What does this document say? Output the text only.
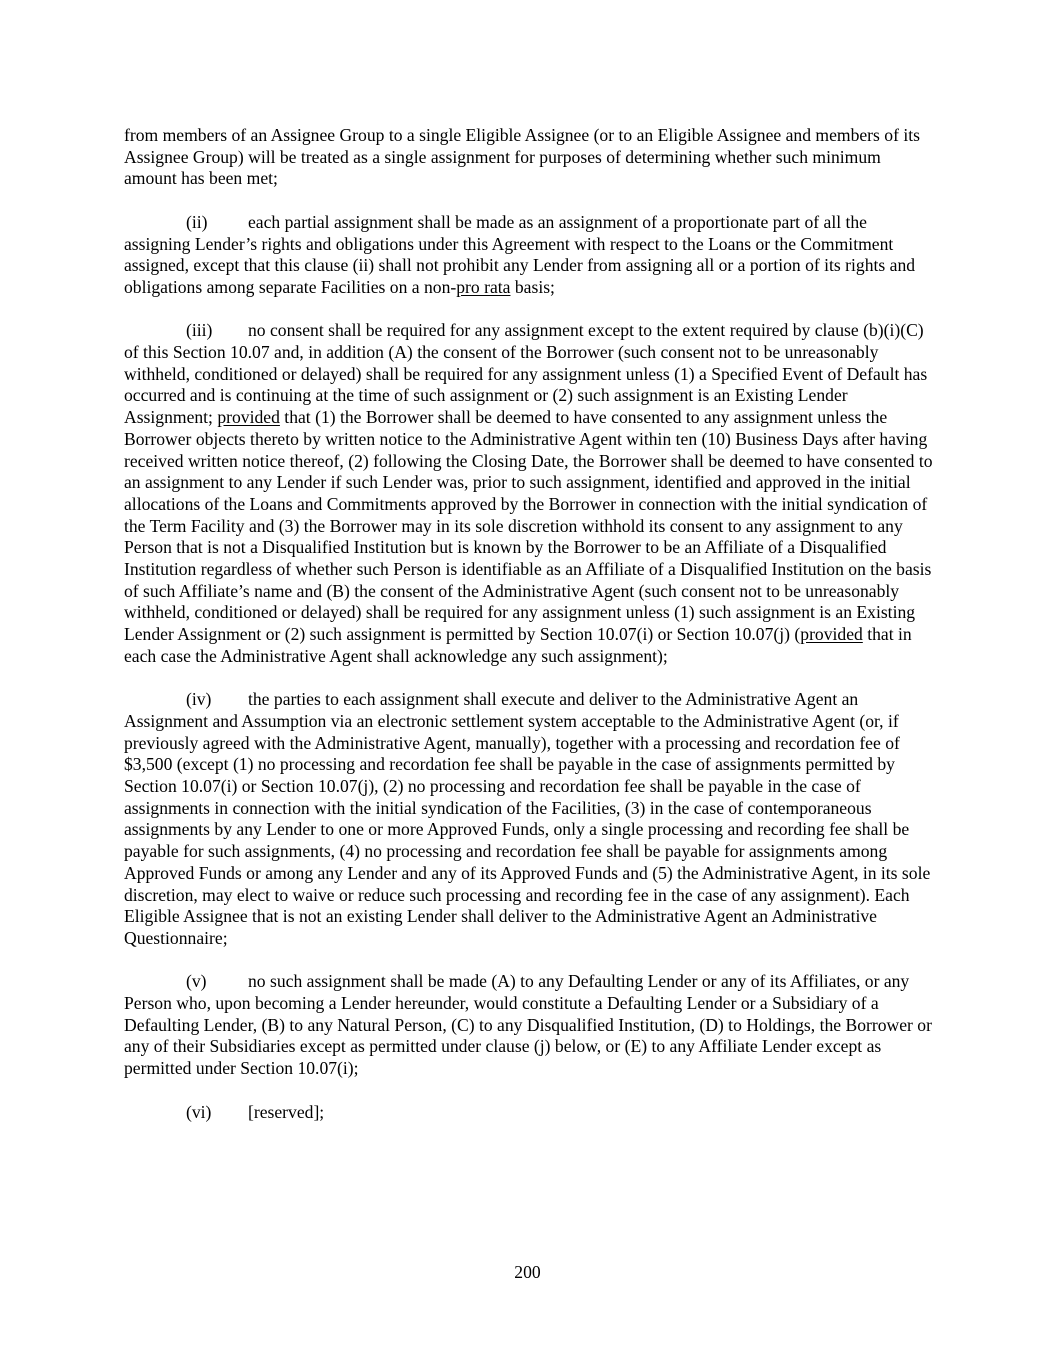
from members of an Assignee Group to a single Eligible Assignee (or to an Eligible Assignee and members of its Assignee Group) will be treated as a single assignment for purposes of determining whether such minimum amount has been met;

(ii) each partial assignment shall be made as an assignment of a proportionate part of all the assigning Lender’s rights and obligations under this Agreement with respect to the Loans or the Commitment assigned, except that this clause (ii) shall not prohibit any Lender from assigning all or a portion of its rights and obligations among separate Facilities on a non-pro rata basis;

(iii) no consent shall be required for any assignment except to the extent required by clause (b)(i)(C) of this Section 10.07 and, in addition (A) the consent of the Borrower (such consent not to be unreasonably withheld, conditioned or delayed) shall be required for any assignment unless (1) a Specified Event of Default has occurred and is continuing at the time of such assignment or (2) such assignment is an Existing Lender Assignment; provided that (1) the Borrower shall be deemed to have consented to any assignment unless the Borrower objects thereto by written notice to the Administrative Agent within ten (10) Business Days after having received written notice thereof, (2) following the Closing Date, the Borrower shall be deemed to have consented to an assignment to any Lender if such Lender was, prior to such assignment, identified and approved in the initial allocations of the Loans and Commitments approved by the Borrower in connection with the initial syndication of the Term Facility and (3) the Borrower may in its sole discretion withhold its consent to any assignment to any Person that is not a Disqualified Institution but is known by the Borrower to be an Affiliate of a Disqualified Institution regardless of whether such Person is identifiable as an Affiliate of a Disqualified Institution on the basis of such Affiliate’s name and (B) the consent of the Administrative Agent (such consent not to be unreasonably withheld, conditioned or delayed) shall be required for any assignment unless (1) such assignment is an Existing Lender Assignment or (2) such assignment is permitted by Section 10.07(i) or Section 10.07(j) (provided that in each case the Administrative Agent shall acknowledge any such assignment);

(iv) the parties to each assignment shall execute and deliver to the Administrative Agent an Assignment and Assumption via an electronic settlement system acceptable to the Administrative Agent (or, if previously agreed with the Administrative Agent, manually), together with a processing and recordation fee of $3,500 (except (1) no processing and recordation fee shall be payable in the case of assignments permitted by Section 10.07(i) or Section 10.07(j), (2) no processing and recordation fee shall be payable in the case of assignments in connection with the initial syndication of the Facilities, (3) in the case of contemporaneous assignments by any Lender to one or more Approved Funds, only a single processing and recording fee shall be payable for such assignments, (4) no processing and recordation fee shall be payable for assignments among Approved Funds or among any Lender and any of its Approved Funds and (5) the Administrative Agent, in its sole discretion, may elect to waive or reduce such processing and recording fee in the case of any assignment). Each Eligible Assignee that is not an existing Lender shall deliver to the Administrative Agent an Administrative Questionnaire;

(v) no such assignment shall be made (A) to any Defaulting Lender or any of its Affiliates, or any Person who, upon becoming a Lender hereunder, would constitute a Defaulting Lender or a Subsidiary of a Defaulting Lender, (B) to any Natural Person, (C) to any Disqualified Institution, (D) to Holdings, the Borrower or any of their Subsidiaries except as permitted under clause (j) below, or (E) to any Affiliate Lender except as permitted under Section 10.07(i);

(vi) [reserved];

200
